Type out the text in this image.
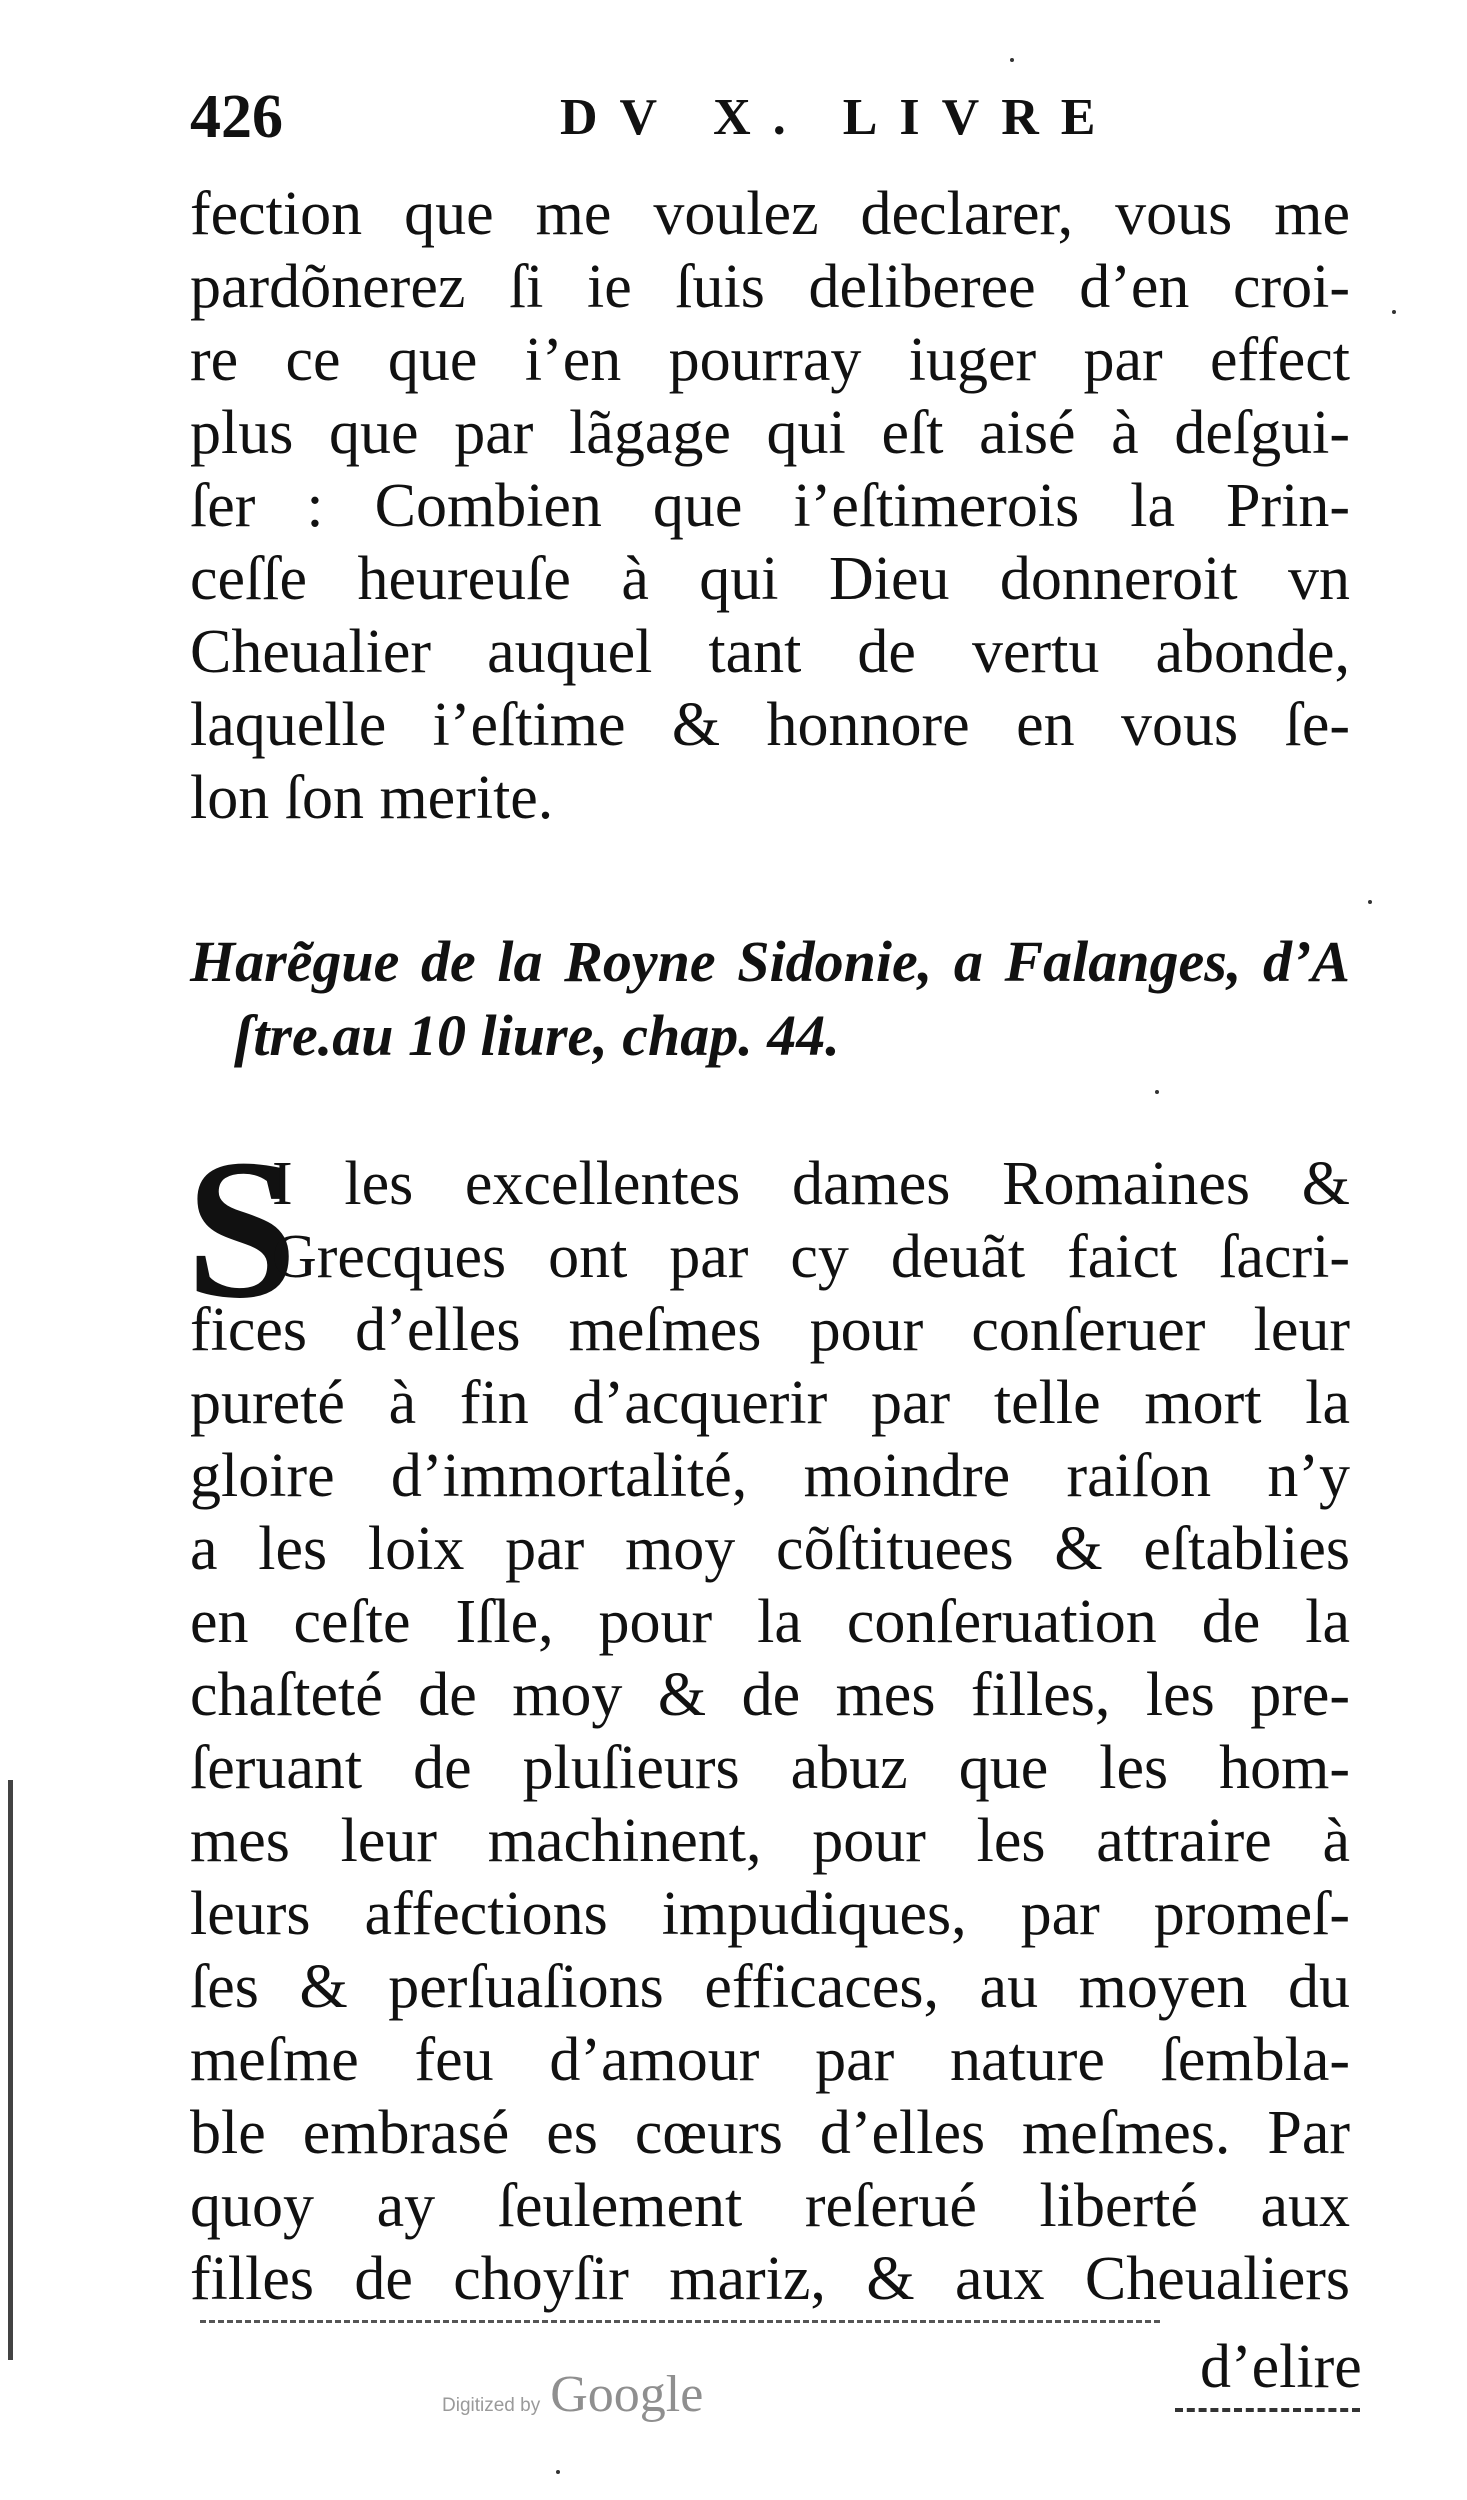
426	DV X. LIVRE
fection que me voulez declarer, vous me
pardõnerez ſi ie ſuis deliberee d’en croi-
re ce que i’en pourray iuger par effect
plus que par lãgage qui eſt aisé à deſgui-
ſer : Combien que i’eſtimerois la Prin-
ceſſe heureuſe à qui Dieu donneroit vn
Cheualier auquel tant de vertu abonde,
laquelle i’eſtime & honnore en vous ſe-
lon ſon merite.
Harẽgue de la Royne Sidonie, a Falanges, d’A
ſtre.au 10 liure, chap. 44.
S
I les excellentes dames Romaines &
Grecques ont par cy deuãt faict ſacri-
fices d’elles meſmes pour conſeruer leur
pureté à fin d’acquerir par telle mort la
gloire d’immortalité, moindre raiſon n’y
a les loix par moy cõſtituees & eſtablies
en ceſte Iſle, pour la conſeruation de la
chaſteté de moy & de mes filles, les pre-
ſeruant de pluſieurs abuz que les hom-
mes leur machinent, pour les attraire à
leurs affections impudiques, par promeſ-
ſes & perſuaſions efficaces, au moyen du
meſme feu d’amour par nature ſembla-
ble embrasé es cœurs d’elles meſmes. Par
quoy ay ſeulement reſerué liberté aux
filles de choyſir mariz, & aux Cheualiers
Digitized by Google	d’elire
